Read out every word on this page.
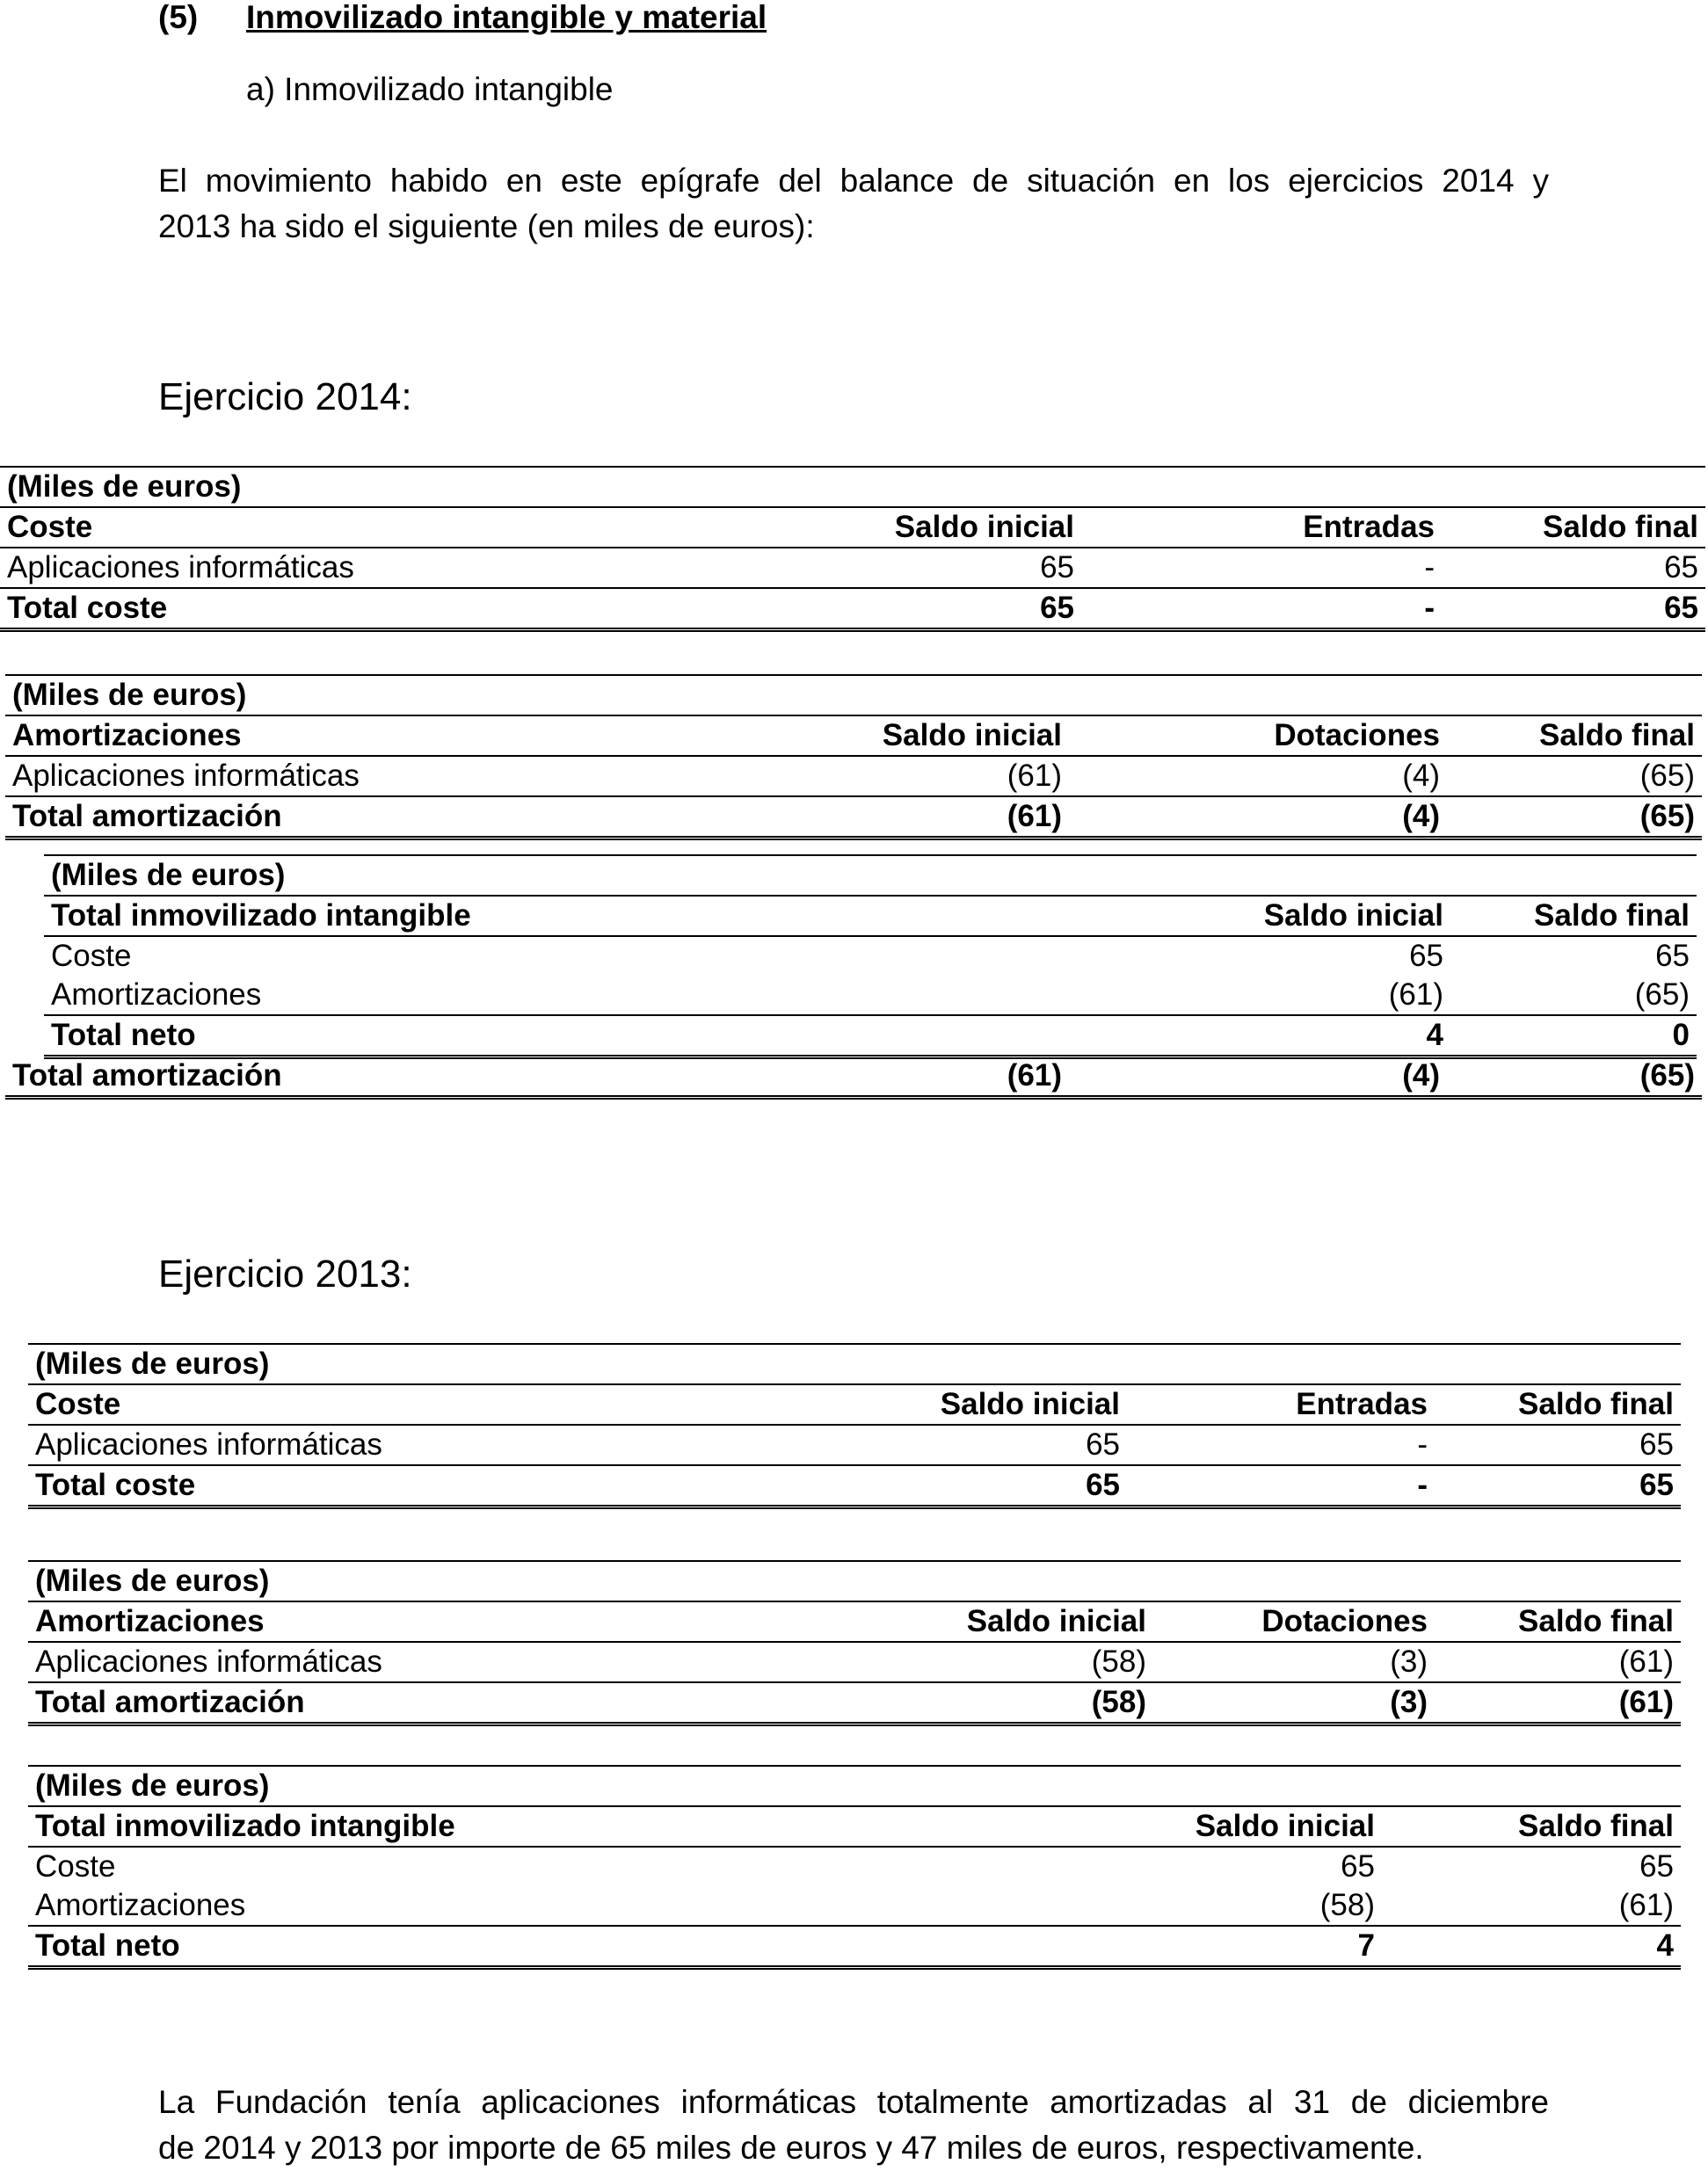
(5) Inmovilizado intangible y material
a) Inmovilizado intangible
El movimiento habido en este epígrafe del balance de situación en los ejercicios 2014 y
2013 ha sido el siguiente (en miles de euros):
Ejercicio 2014:
(Miles de euros)			
Coste	Saldo inicial	Entradas	Saldo final
Aplicaciones informáticas	65	-	65
Total coste	65	-	65
(Miles de euros)			
Amortizaciones	Saldo inicial	Dotaciones	Saldo final
Aplicaciones informáticas	(61)	(4)	(65)
Total amortización	(61)	(4)	(65)
(Miles de euros)		
Total inmovilizado intangible	Saldo inicial	Saldo final
Coste	65	65
Amortizaciones	(61)	(65)
Total neto	4	0
Total amortización	(61)	(4)	(65)
Ejercicio 2013:
(Miles de euros)			
Coste	Saldo inicial	Entradas	Saldo final
Aplicaciones informáticas	65	-	65
Total coste	65	-	65
(Miles de euros)			
Amortizaciones	Saldo inicial	Dotaciones	Saldo final
Aplicaciones informáticas	(58)	(3)	(61)
Total amortización	(58)	(3)	(61)
(Miles de euros)		
Total inmovilizado intangible	Saldo inicial	Saldo final
Coste	65	65
Amortizaciones	(58)	(61)
Total neto	7	4
La Fundación tenía aplicaciones informáticas totalmente amortizadas al 31 de diciembre
de 2014 y 2013 por importe de 65 miles de euros y 47 miles de euros, respectivamente.
